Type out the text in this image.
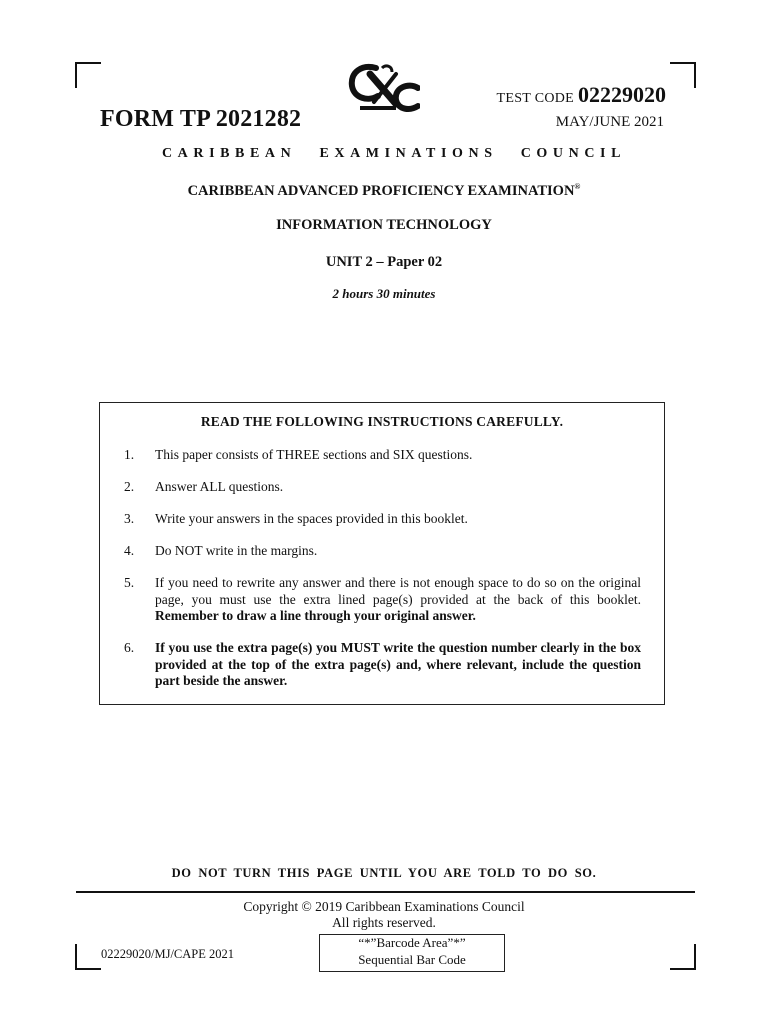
TEST CODE 02229020
FORM TP 2021282	MAY/JUNE 2021
CARIBBEAN EXAMINATIONS COUNCIL
CARIBBEAN ADVANCED PROFICIENCY EXAMINATION®
INFORMATION TECHNOLOGY
UNIT 2 – Paper 02
2 hours 30 minutes
READ THE FOLLOWING INSTRUCTIONS CAREFULLY.
1. This paper consists of THREE sections and SIX questions.
2. Answer ALL questions.
3. Write your answers in the spaces provided in this booklet.
4. Do NOT write in the margins.
5. If you need to rewrite any answer and there is not enough space to do so on the original page, you must use the extra lined page(s) provided at the back of this booklet. Remember to draw a line through your original answer.
6. If you use the extra page(s) you MUST write the question number clearly in the box provided at the top of the extra page(s) and, where relevant, include the question part beside the answer.
DO NOT TURN THIS PAGE UNTIL YOU ARE TOLD TO DO SO.
Copyright © 2019 Caribbean Examinations Council
All rights reserved.
02229020/MJ/CAPE 2021
“*”Barcode Area”*”
Sequential Bar Code
